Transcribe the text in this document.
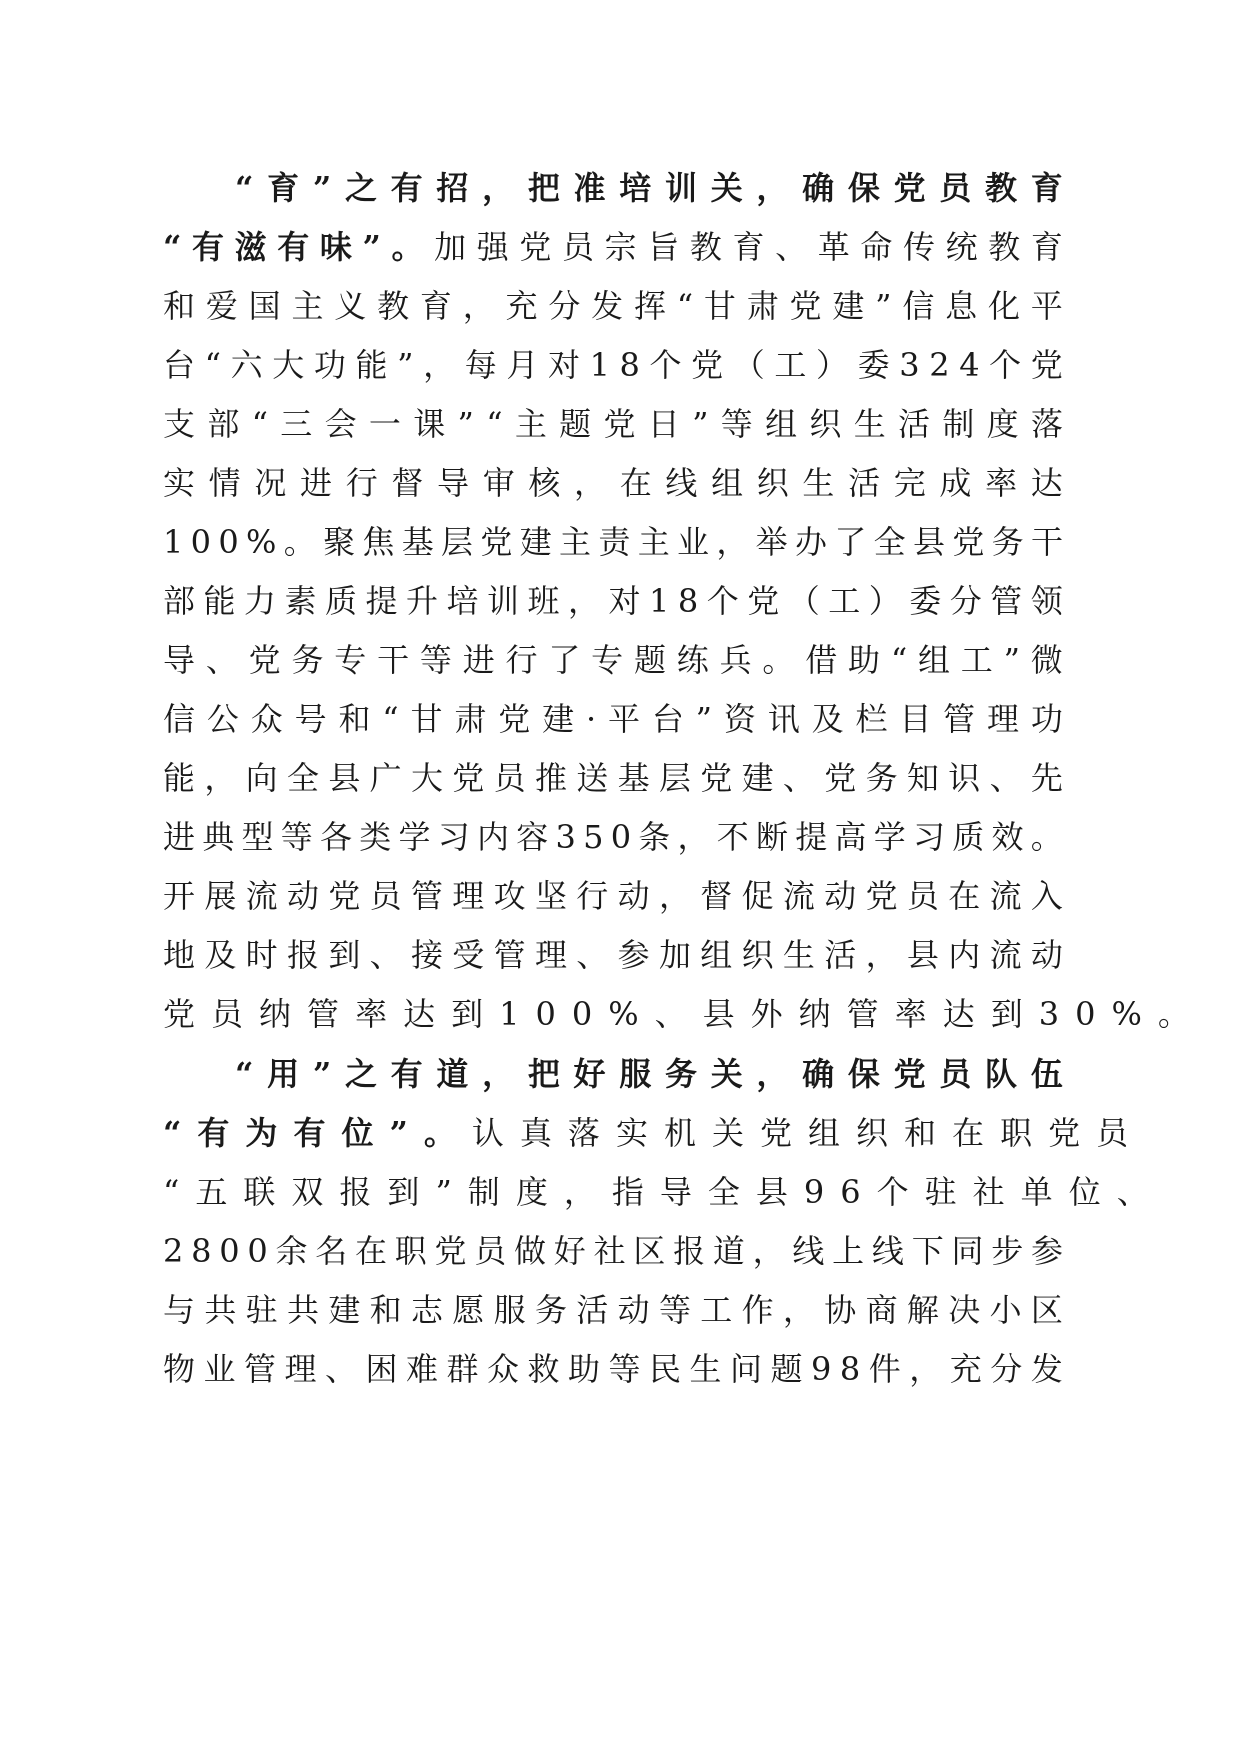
“ 育 ” 之 有 招 ， 把 准 培 训 关 ， 确 保 党 员 教 育
“ 有 滋 有 味 ” 。 加 强 党 员 宗 旨 教 育 、 革 命 传 统 教 育
和 爱 国 主 义 教 育 ， 充 分 发 挥 “ 甘 肃 党 建 ” 信 息 化 平
台 “ 六 大 功 能 ” ， 每 月 对 1 8 个 党 （ 工 ） 委 3 2 4 个 党
支 部 “ 三 会 一 课 ” “ 主 题 党 日 ” 等 组 织 生 活 制 度 落
实 情 况 进 行 督 导 审 核 ， 在 线 组 织 生 活 完 成 率 达
1 0 0 % 。 聚 焦 基 层 党 建 主 责 主 业 ， 举 办 了 全 县 党 务 干
部 能 力 素 质 提 升 培 训 班 ， 对 1 8 个 党 （ 工 ） 委 分 管 领
导 、 党 务 专 干 等 进 行 了 专 题 练 兵 。 借 助 “ 组 工 ” 微
信 公 众 号 和 “ 甘 肃 党 建 · 平 台 ” 资 讯 及 栏 目 管 理 功
能 ， 向 全 县 广 大 党 员 推 送 基 层 党 建 、 党 务 知 识 、 先
进 典 型 等 各 类 学 习 内 容 3 5 0 条 ， 不 断 提 高 学 习 质 效 。
开 展 流 动 党 员 管 理 攻 坚 行 动 ， 督 促 流 动 党 员 在 流 入
地 及 时 报 到 、 接 受 管 理 、 参 加 组 织 生 活 ， 县 内 流 动
党 员 纳 管 率 达 到 1 0 0 % 、 县 外 纳 管 率 达 到 3 0 % 。
“ 用 ” 之 有 道 ， 把 好 服 务 关 ， 确 保 党 员 队 伍
“ 有 为 有 位 ” 。 认 真 落 实 机 关 党 组 织 和 在 职 党 员
“ 五 联 双 报 到 ” 制 度 ， 指 导 全 县 9 6 个 驻 社 单 位 、
2 8 0 0 余 名 在 职 党 员 做 好 社 区 报 道 ， 线 上 线 下 同 步 参
与 共 驻 共 建 和 志 愿 服 务 活 动 等 工 作 ， 协 商 解 决 小 区
物 业 管 理 、 困 难 群 众 救 助 等 民 生 问 题 9 8 件 ， 充 分 发
